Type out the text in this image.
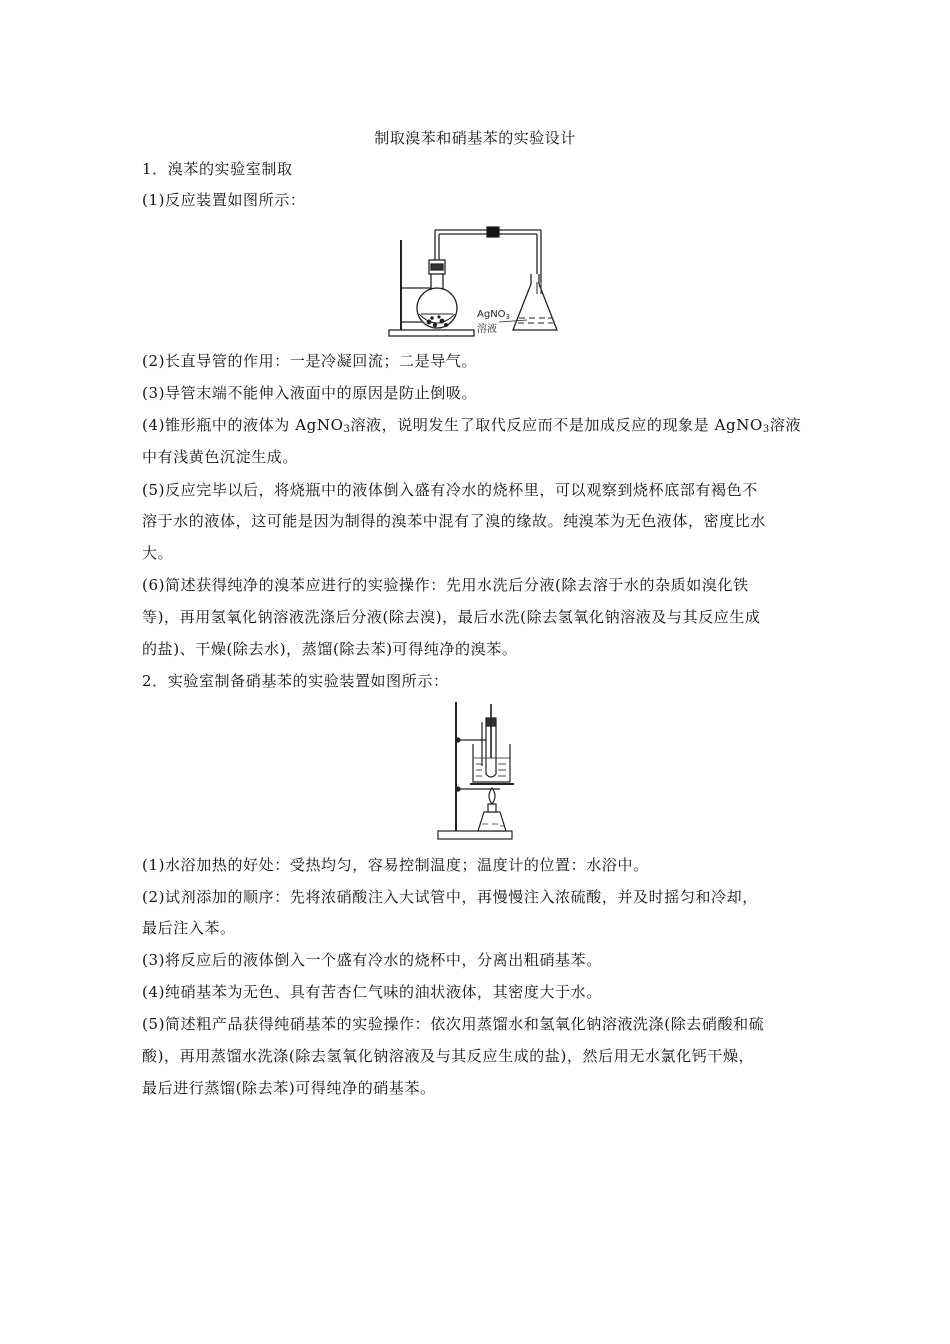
制取溴苯和硝基苯的实验设计
1．溴苯的实验室制取
(1)反应装置如图所示：
AgNO$_3$
溶液
(2)长直导管的作用：一是冷凝回流；二是导气。
(3)导管末端不能伸入液面中的原因是防止倒吸。
(4)锥形瓶中的液体为 AgNO$_3$溶液，说明发生了取代反应而不是加成反应的现象是 AgNO$_3$溶液
中有浅黄色沉淀生成。
(5)反应完毕以后，将烧瓶中的液体倒入盛有冷水的烧杯里，可以观察到烧杯底部有褐色不
溶于水的液体，这可能是因为制得的溴苯中混有了溴的缘故。纯溴苯为无色液体，密度比水
大。
(6)简述获得纯净的溴苯应进行的实验操作：先用水洗后分液(除去溶于水的杂质如溴化铁
等)，再用氢氧化钠溶液洗涤后分液(除去溴)，最后水洗(除去氢氧化钠溶液及与其反应生成
的盐)、干燥(除去水)，蒸馏(除去苯)可得纯净的溴苯。
2．实验室制备硝基苯的实验装置如图所示：
(1)水浴加热的好处：受热均匀，容易控制温度；温度计的位置：水浴中。
(2)试剂添加的顺序：先将浓硝酸注入大试管中，再慢慢注入浓硫酸，并及时摇匀和冷却，
最后注入苯。
(3)将反应后的液体倒入一个盛有冷水的烧杯中，分离出粗硝基苯。
(4)纯硝基苯为无色、具有苦杏仁气味的油状液体，其密度大于水。
(5)简述粗产品获得纯硝基苯的实验操作：依次用蒸馏水和氢氧化钠溶液洗涤(除去硝酸和硫
酸)，再用蒸馏水洗涤(除去氢氧化钠溶液及与其反应生成的盐)，然后用无水氯化钙干燥，
最后进行蒸馏(除去苯)可得纯净的硝基苯。
